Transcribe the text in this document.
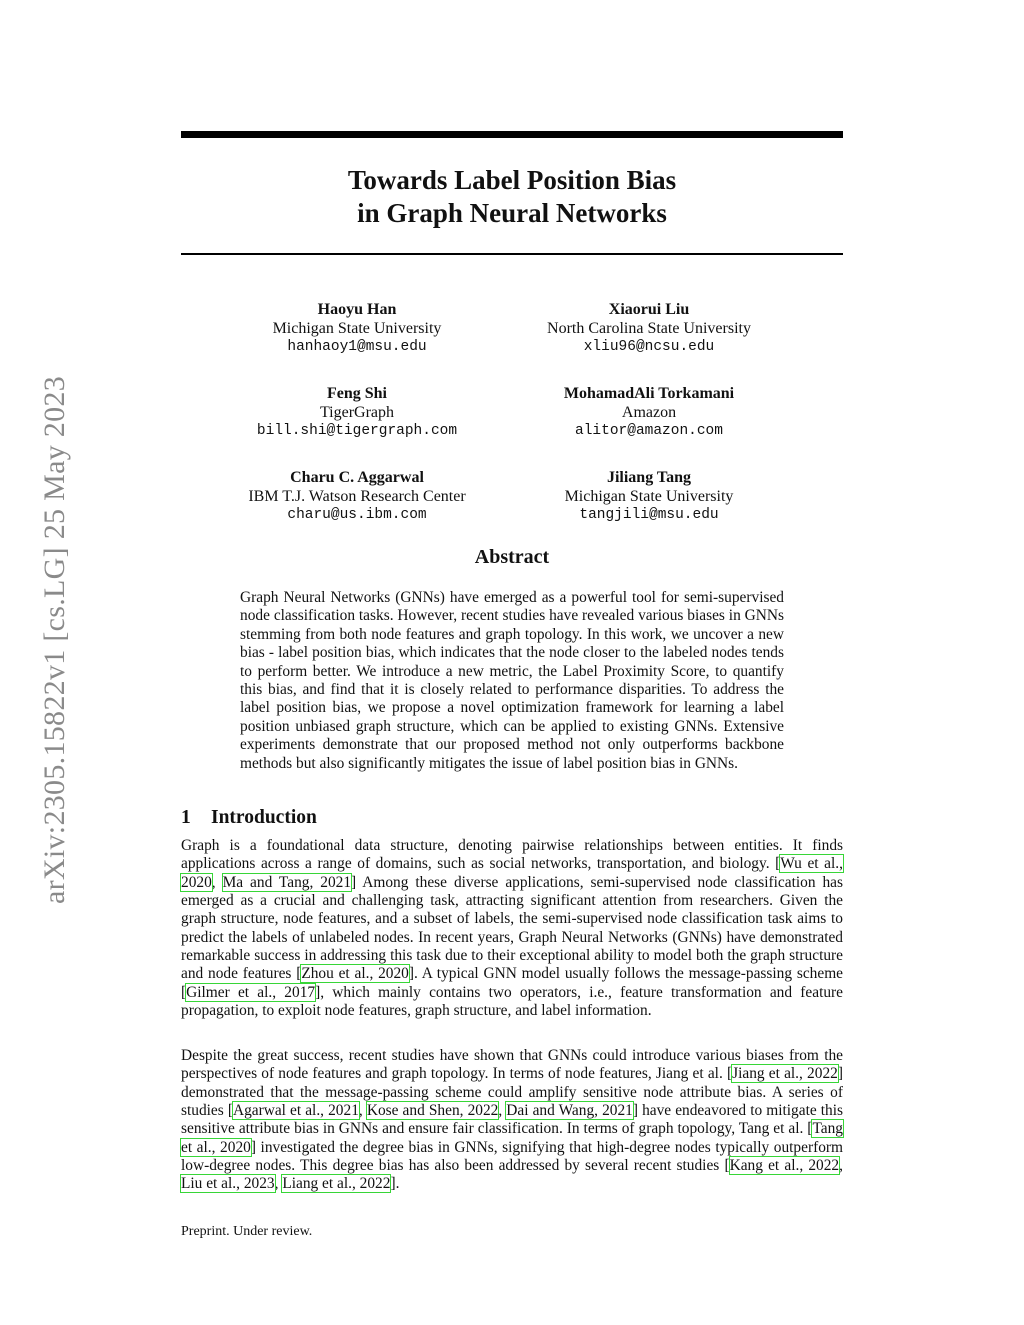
arXiv:2305.15822v1 [cs.LG] 25 May 2023
Towards Label Position Bias
in Graph Neural Networks
Haoyu Han
Michigan State University
hanhaoy1@msu.edu
Xiaorui Liu
North Carolina State University
xliu96@ncsu.edu
Feng Shi
TigerGraph
bill.shi@tigergraph.com
MohamadAli Torkamani
Amazon
alitor@amazon.com
Charu C. Aggarwal
IBM T.J. Watson Research Center
charu@us.ibm.com
Jiliang Tang
Michigan State University
tangjili@msu.edu
Abstract
Graph Neural Networks (GNNs) have emerged as a powerful tool for semi-supervised node classification tasks. However, recent studies have revealed various biases in GNNs stemming from both node features and graph topology. In this work, we uncover a new bias - label position bias, which indicates that the node closer to the labeled nodes tends to perform better. We introduce a new metric, the Label Proximity Score, to quantify this bias, and find that it is closely related to performance disparities. To address the label position bias, we propose a novel optimization framework for learning a label position unbiased graph structure, which can be applied to existing GNNs. Extensive experiments demonstrate that our proposed method not only outperforms backbone methods but also significantly mitigates the issue of label position bias in GNNs.
1 Introduction

Graph is a foundational data structure, denoting pairwise relationships between entities. It finds applications across a range of domains, such as social networks, transportation, and biology. [Wu et al., 2020, Ma and Tang, 2021] Among these diverse applications, semi-supervised node classification has emerged as a crucial and challenging task, attracting significant attention from researchers. Given the graph structure, node features, and a subset of labels, the semi-supervised node classification task aims to predict the labels of unlabeled nodes. In recent years, Graph Neural Networks (GNNs) have demonstrated remarkable success in addressing this task due to their exceptional ability to model both the graph structure and node features [Zhou et al., 2020]. A typical GNN model usually follows the message-passing scheme [Gilmer et al., 2017], which mainly contains two operators, i.e., feature transformation and feature propagation, to exploit node features, graph structure, and label information.

Despite the great success, recent studies have shown that GNNs could introduce various biases from the perspectives of node features and graph topology. In terms of node features, Jiang et al. [Jiang et al., 2022] demonstrated that the message-passing scheme could amplify sensitive node attribute bias. A series of studies [Agarwal et al., 2021, Kose and Shen, 2022, Dai and Wang, 2021] have endeavored to mitigate this sensitive attribute bias in GNNs and ensure fair classification. In terms of graph topology, Tang et al. [Tang et al., 2020] investigated the degree bias in GNNs, signifying that high-degree nodes typically outperform low-degree nodes. This degree bias has also been addressed by several recent studies [Kang et al., 2022, Liu et al., 2023, Liang et al., 2022].

Preprint. Under review.
